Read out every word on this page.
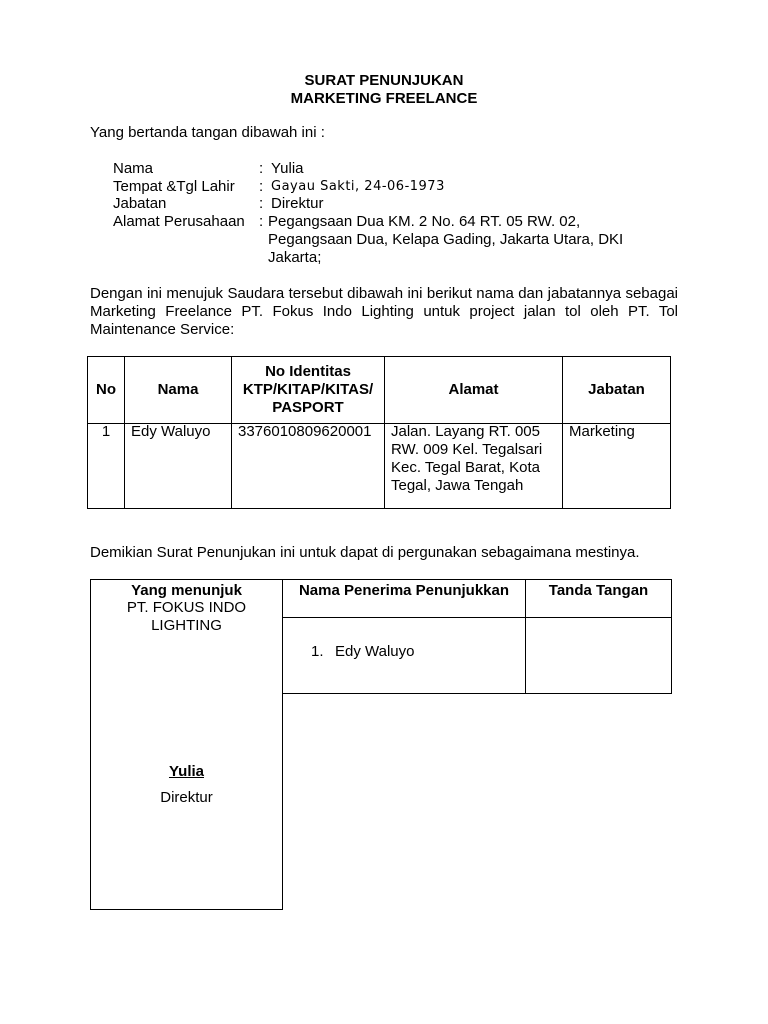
SURAT PENUNJUKAN
MARKETING FREELANCE
Yang bertanda tangan dibawah ini :
Nama	: Yulia
Tempat &Tgl Lahir : Gayau Sakti, 24-06-1973
Jabatan	: Direktur
Alamat Perusahaan : Pegangsaan Dua KM. 2 No. 64 RT. 05 RW. 02,
Pegangsaan Dua, Kelapa Gading, Jakarta Utara, DKI
Jakarta;
Dengan ini menujuk Saudara tersebut dibawah ini berikut nama dan jabatannya sebagai Marketing Freelance PT. Fokus Indo Lighting untuk project jalan tol oleh PT. Tol Maintenance Service:
No	Nama	No Identitas
KTP/KITAP/KITAS/
PASPORT	Alamat	Jabatan

1	Edy Waluyo	3376010809620001	Jalan. Layang RT. 005
RW. 009 Kel. Tegalsari
Kec. Tegal Barat, Kota
Tegal, Jawa Tengah	Marketing
Demikian Surat Penunjukan ini untuk dapat di pergunakan sebagaimana mestinya.
Yang menunjuk
PT. FOKUS INDO
LIGHTING
Yulia
Direktur
Nama Penerima Penunjukkan	Tanda Tangan
1. Edy Waluyo
